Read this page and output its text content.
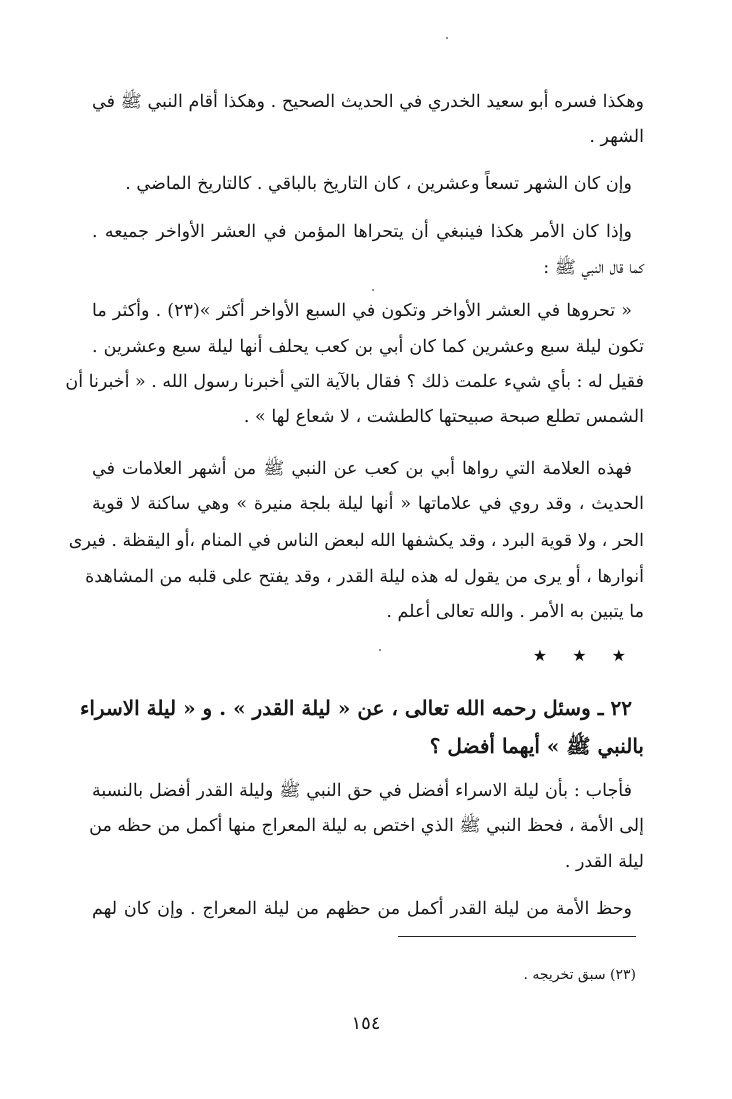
وهكذا فسره أبو سعيد الخدري في الحديث الصحيح . وهكذا أقام النبي ﷺ في
الشهر .
وإن كان الشهر تسعاً وعشرين ، كان التاريخ بالباقي . كالتاريخ الماضي .
وإذا كان الأمر هكذا فينبغي أن يتحراها المؤمن في العشر الأواخر جميعه .
كما قال النبي ﷺ :
« تحروها في العشر الأواخر وتكون في السبع الأواخر أكثر »(٢٣) . وأكثر ما
تكون ليلة سبع وعشرين كما كان أبي بن كعب يحلف أنها ليلة سبع وعشرين .
فقيل له : بأي شيء علمت ذلك ؟ فقال بالآية التي أخبرنا رسول الله . « أخبرنا أن
الشمس تطلع صبحة صبيحتها كالطشت ، لا شعاع لها » .
فهذه العلامة التي رواها أبي بن كعب عن النبي ﷺ من أشهر العلامات في
الحديث ، وقد روي في علاماتها « أنها ليلة بلجة منيرة » وهي ساكنة لا قوية
الحر ، ولا قوية البرد ، وقد يكشفها الله لبعض الناس في المنام ،أو اليقظة . فيرى
أنوارها ، أو يرى من يقول له هذه ليلة القدر ، وقد يفتح على قلبه من المشاهدة
ما يتبين به الأمر . والله تعالى أعلم .
★ ★ ★
٢٢ ـ وسئل رحمه الله تعالى ، عن « ليلة القدر » . و « ليلة الاسراء
بالنبي ﷺ » أيهما أفضل ؟
فأجاب : بأن ليلة الاسراء أفضل في حق النبي ﷺ وليلة القدر أفضل بالنسبة
إلى الأمة ، فحظ النبي ﷺ الذي اختص به ليلة المعراج منها أكمل من حظه من
ليلة القدر .
وحظ الأمة من ليلة القدر أكمل من حظهم من ليلة المعراج . وإن كان لهم
(٢٣) سبق تخريجه .
١٥٤
